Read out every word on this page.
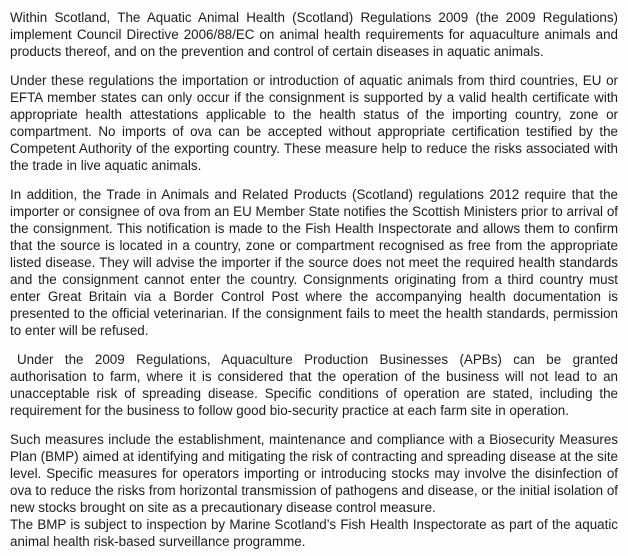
Within Scotland, The Aquatic Animal Health (Scotland) Regulations 2009 (the 2009 Regulations) implement Council Directive 2006/88/EC on animal health requirements for aquaculture animals and products thereof, and on the prevention and control of certain diseases in aquatic animals.

Under these regulations the importation or introduction of aquatic animals from third countries, EU or EFTA member states can only occur if the consignment is supported by a valid health certificate with appropriate health attestations applicable to the health status of the importing country, zone or compartment. No imports of ova can be accepted without appropriate certification testified by the Competent Authority of the exporting country. These measure help to reduce the risks associated with the trade in live aquatic animals.

In addition, the Trade in Animals and Related Products (Scotland) regulations 2012 require that the importer or consignee of ova from an EU Member State notifies the Scottish Ministers prior to arrival of the consignment. This notification is made to the Fish Health Inspectorate and allows them to confirm that the source is located in a country, zone or compartment recognised as free from the appropriate listed disease. They will advise the importer if the source does not meet the required health standards and the consignment cannot enter the country. Consignments originating from a third country must enter Great Britain via a Border Control Post where the accompanying health documentation is presented to the official veterinarian. If the consignment fails to meet the health standards, permission to enter will be refused.

Under the 2009 Regulations, Aquaculture Production Businesses (APBs) can be granted authorisation to farm, where it is considered that the operation of the business will not lead to an unacceptable risk of spreading disease. Specific conditions of operation are stated, including the requirement for the business to follow good bio-security practice at each farm site in operation.

Such measures include the establishment, maintenance and compliance with a Biosecurity Measures Plan (BMP) aimed at identifying and mitigating the risk of contracting and spreading disease at the site level. Specific measures for operators importing or introducing stocks may involve the disinfection of ova to reduce the risks from horizontal transmission of pathogens and disease, or the initial isolation of new stocks brought on site as a precautionary disease control measure.

The BMP is subject to inspection by Marine Scotland’s Fish Health Inspectorate as part of the aquatic animal health risk-based surveillance programme.
